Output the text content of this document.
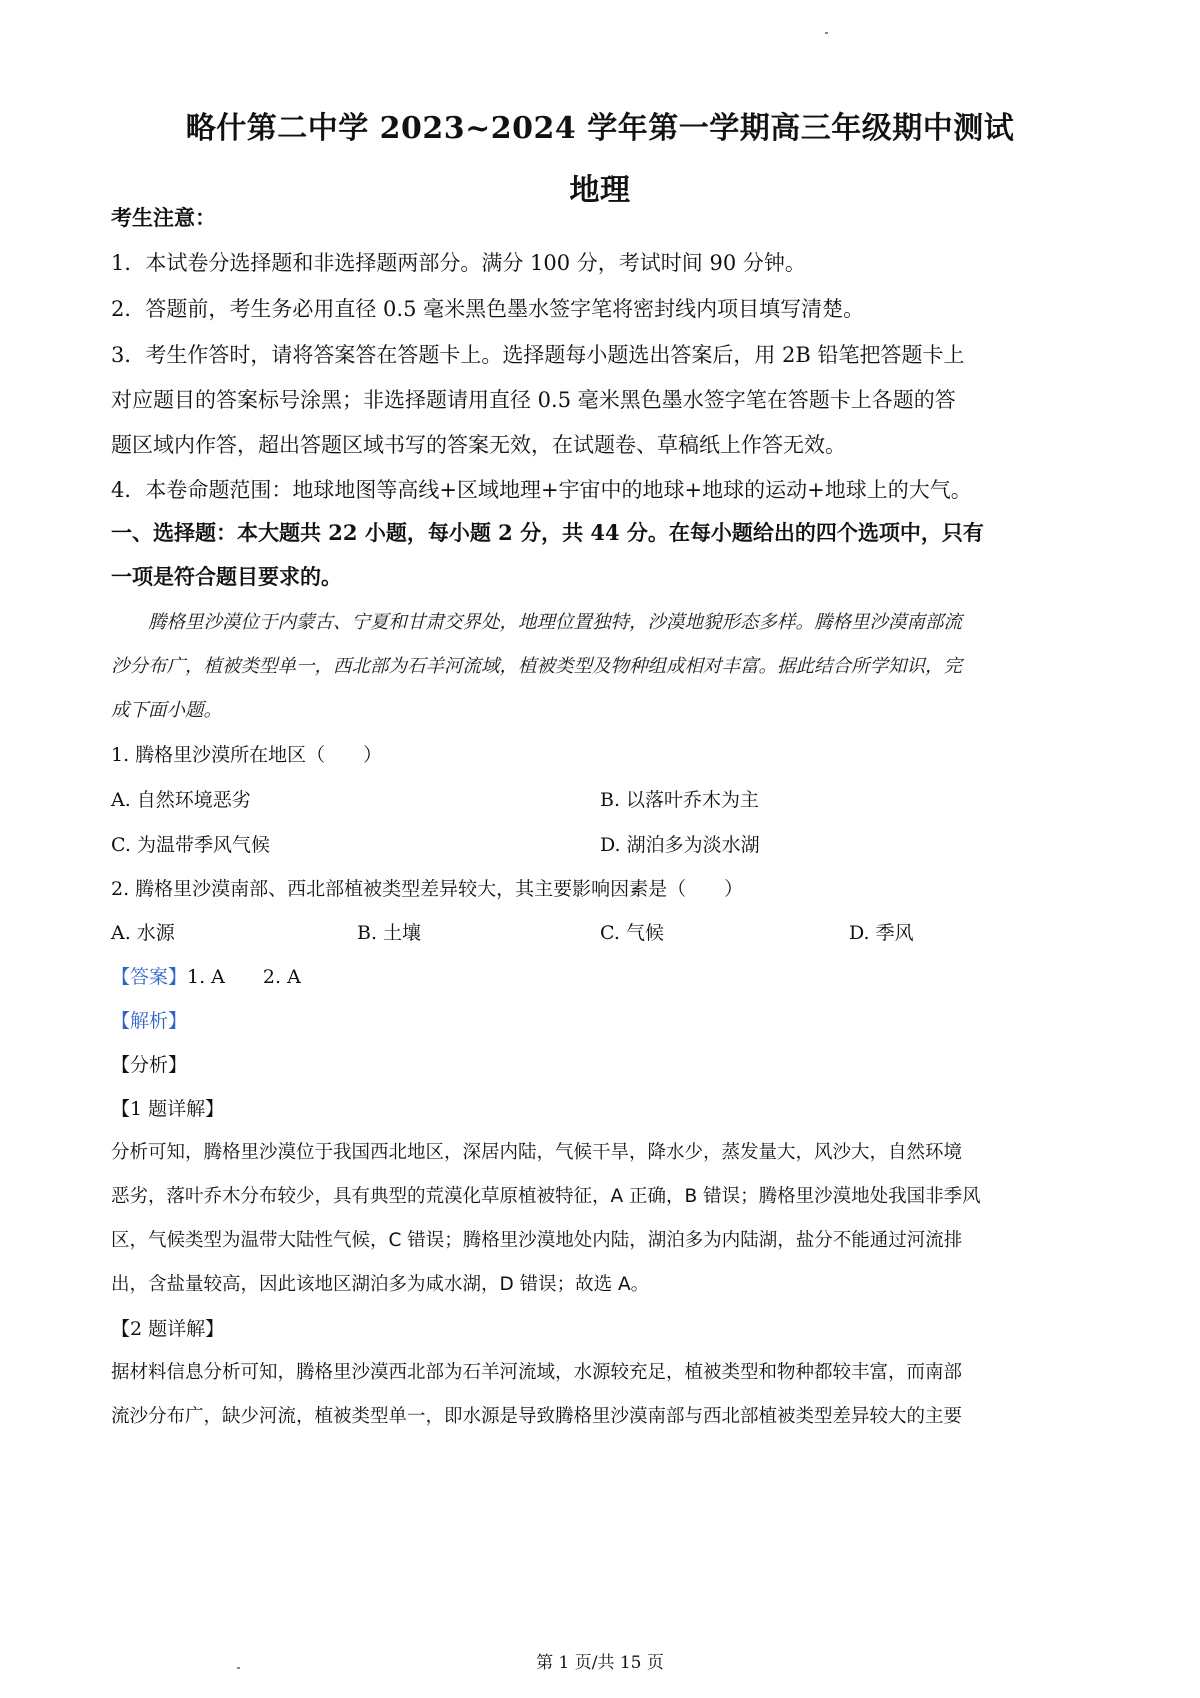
略什第二中学 2023~2024 学年第一学期高三年级期中测试
地理
考生注意：
1．本试卷分选择题和非选择题两部分。满分 100 分，考试时间 90 分钟。
2．答题前，考生务必用直径 0.5 毫米黑色墨水签字笔将密封线内项目填写清楚。
3．考生作答时，请将答案答在答题卡上。选择题每小题选出答案后，用 2B 铅笔把答题卡上
对应题目的答案标号涂黑；非选择题请用直径 0.5 毫米黑色墨水签字笔在答题卡上各题的答
题区域内作答，超出答题区域书写的答案无效，在试题卷、草稿纸上作答无效。
4．本卷命题范围：地球地图等高线+区域地理+宇宙中的地球+地球的运动+地球上的大气。
一、选择题：本大题共 22 小题，每小题 2 分，共 44 分。在每小题给出的四个选项中，只有
一项是符合题目要求的。
腾格里沙漠位于内蒙古、宁夏和甘肃交界处，地理位置独特，沙漠地貌形态多样。腾格里沙漠南部流
沙分布广，植被类型单一，西北部为石羊河流域，植被类型及物种组成相对丰富。据此结合所学知识，完
成下面小题。
1. 腾格里沙漠所在地区（　　）
A. 自然环境恶劣	B. 以落叶乔木为主
C. 为温带季风气候	D. 湖泊多为淡水湖
2. 腾格里沙漠南部、西北部植被类型差异较大，其主要影响因素是（　　）
A. 水源	B. 土壤	C. 气候	D. 季风
【答案】1. A　　2. A
【解析】
【分析】
【1 题详解】
分析可知，腾格里沙漠位于我国西北地区，深居内陆，气候干旱，降水少，蒸发量大，风沙大，自然环境
恶劣，落叶乔木分布较少，具有典型的荒漠化草原植被特征，A 正确，B 错误；腾格里沙漠地处我国非季风
区，气候类型为温带大陆性气候，C 错误；腾格里沙漠地处内陆，湖泊多为内陆湖，盐分不能通过河流排
出，含盐量较高，因此该地区湖泊多为咸水湖，D 错误；故选 A。
【2 题详解】
据材料信息分析可知，腾格里沙漠西北部为石羊河流域，水源较充足，植被类型和物种都较丰富，而南部
流沙分布广，缺少河流，植被类型单一，即水源是导致腾格里沙漠南部与西北部植被类型差异较大的主要
第 1 页/共 15 页
